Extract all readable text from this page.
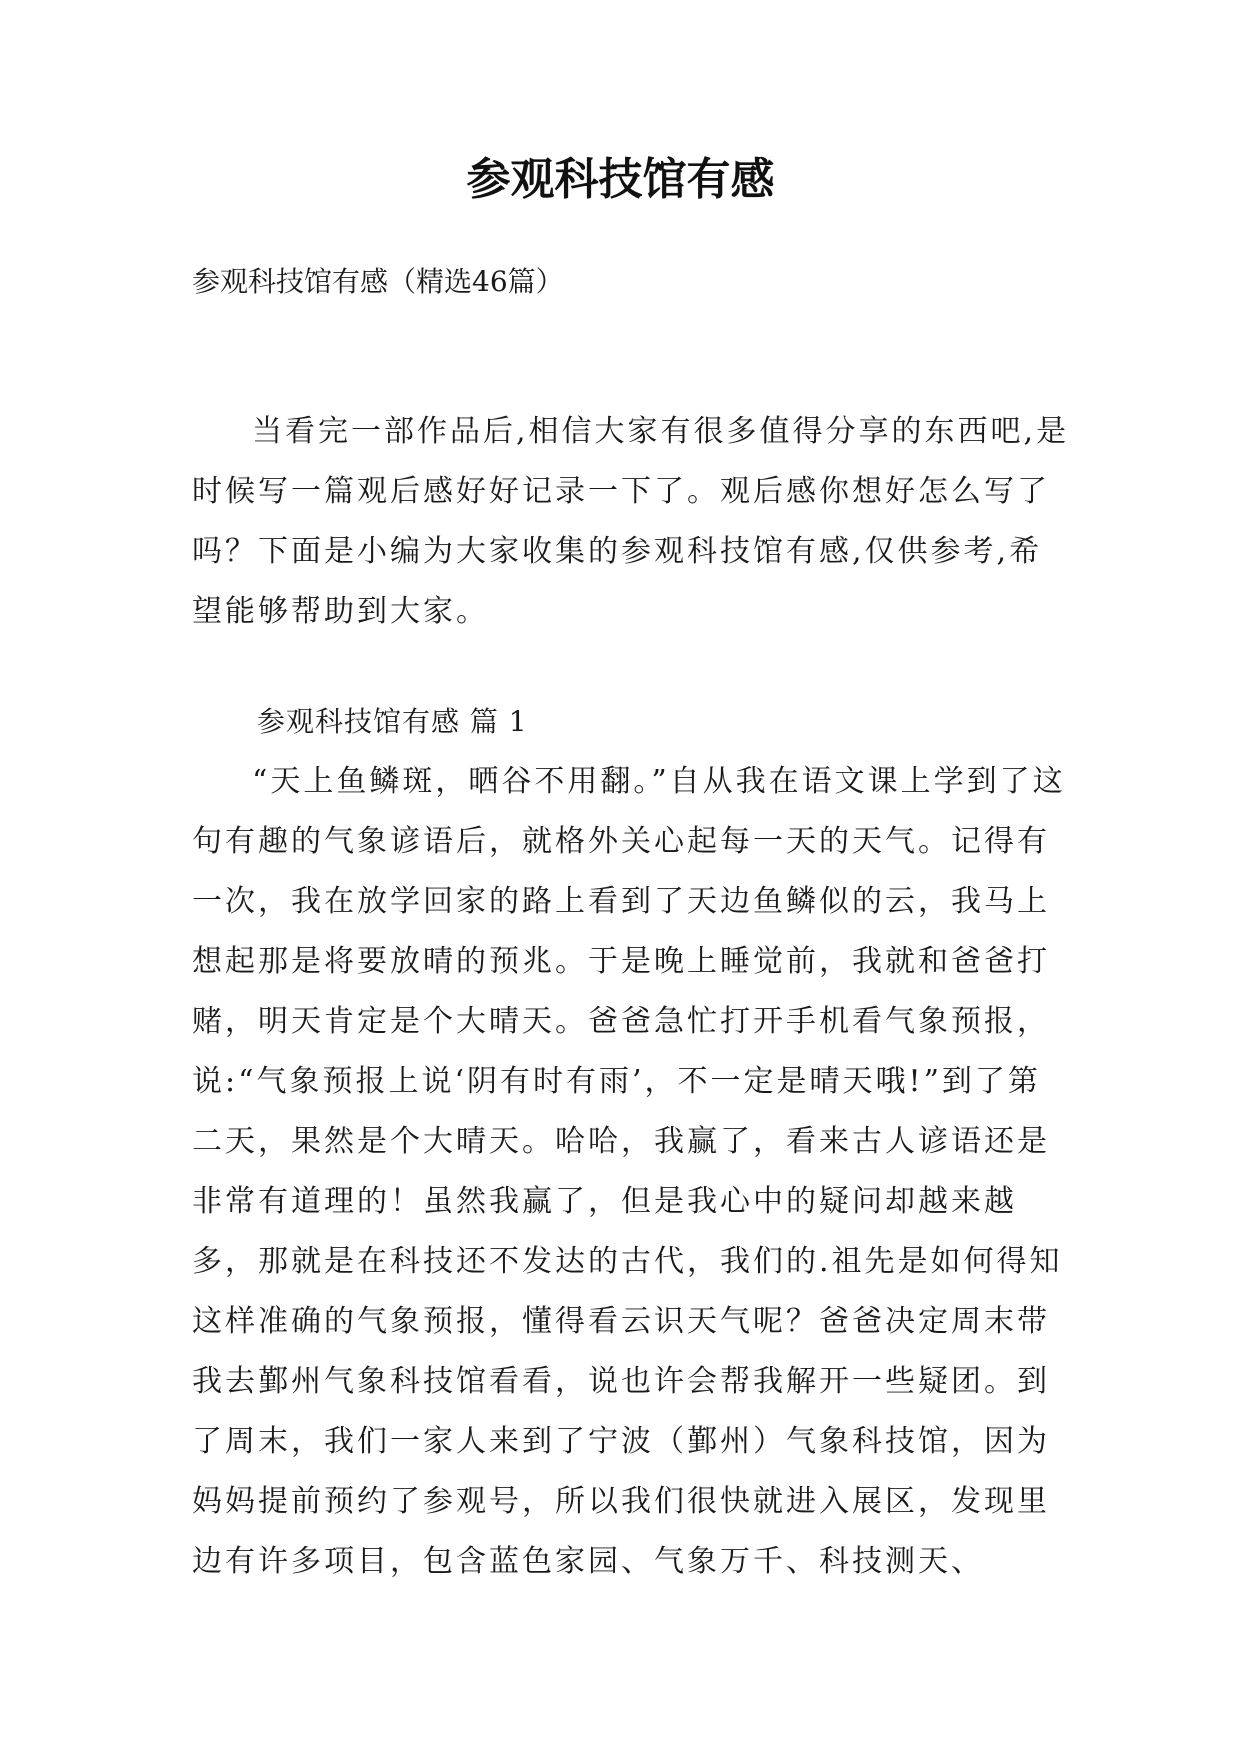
参观科技馆有感

参观科技馆有感（精选46篇）

当看完一部作品后,相信大家有很多值得分享的东西吧,是时候写一篇观后感好好记录一下了。观后感你想好怎么写了吗？下面是小编为大家收集的参观科技馆有感,仅供参考,希望能够帮助到大家。

参观科技馆有感 篇 1

“天上鱼鳞斑，晒谷不用翻。”自从我在语文课上学到了这句有趣的气象谚语后，就格外关心起每一天的天气。记得有一次，我在放学回家的路上看到了天边鱼鳞似的云，我马上想起那是将要放晴的预兆。于是晚上睡觉前，我就和爸爸打赌，明天肯定是个大晴天。爸爸急忙打开手机看气象预报，说:“气象预报上说‘阴有时有雨’，不一定是晴天哦!”到了第二天，果然是个大晴天。哈哈，我赢了，看来古人谚语还是非常有道理的！虽然我赢了，但是我心中的疑问却越来越多，那就是在科技还不发达的古代，我们的.祖先是如何得知这样准确的气象预报，懂得看云识天气呢？爸爸决定周末带我去鄞州气象科技馆看看，说也许会帮我解开一些疑团。到了周末，我们一家人来到了宁波（鄞州）气象科技馆，因为妈妈提前预约了参观号，所以我们很快就进入展区，发现里边有许多项目，包含蓝色家园、气象万千、科技测天、
